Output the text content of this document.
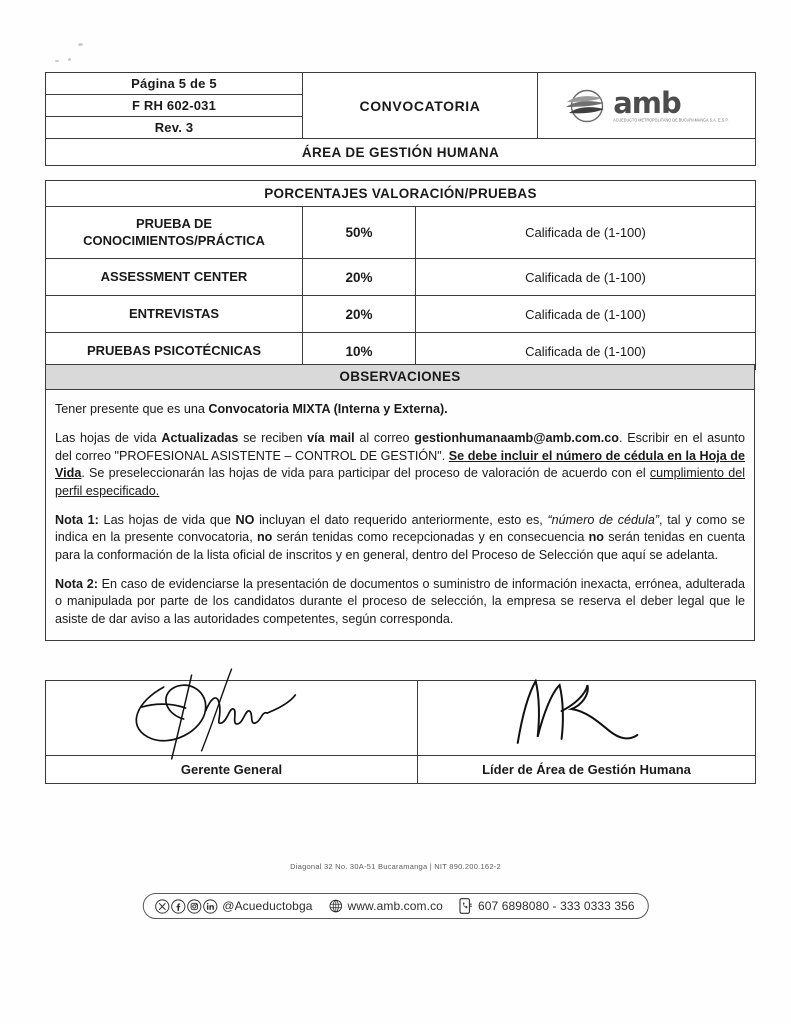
Página 5 de 5	CONVOCATORIA	amb
ACUEDUCTO METROPOLITANO DE BUCARAMANGA S.A. E.S.P.

F RH 602-031
Rev. 3
ÁREA DE GESTIÓN HUMANA
PORCENTAJES VALORACIÓN/PRUEBAS		
PRUEBA DE CONOCIMIENTOS/PRÁCTICA	50%	Calificada de (1-100)
ASSESSMENT CENTER	20%	Calificada de (1-100)
ENTREVISTAS	20%	Calificada de (1-100)
PRUEBAS PSICOTÉCNICAS	10%	Calificada de (1-100)
OBSERVACIONES

Tener presente que es una Convocatoria MIXTA (Interna y Externa).

Las hojas de vida Actualizadas se reciben vía mail al correo gestionhumanaamb@amb.com.co. Escribir en el asunto del correo "PROFESIONAL ASISTENTE – CONTROL DE GESTIÓN". Se debe incluir el número de cédula en la Hoja de Vida. Se preseleccionarán las hojas de vida para participar del proceso de valoración de acuerdo con el cumplimiento del perfil especificado.

Nota 1: Las hojas de vida que NO incluyan el dato requerido anteriormente, esto es, “número de cédula”, tal y como se indica en la presente convocatoria, no serán tenidas como recepcionadas y en consecuencia no serán tenidas en cuenta para la conformación de la lista oficial de inscritos y en general, dentro del Proceso de Selección que aquí se adelanta.

Nota 2: En caso de evidenciarse la presentación de documentos o suministro de información inexacta, errónea, adulterada o manipulada por parte de los candidatos durante el proceso de selección, la empresa se reserva el deber legal que le asiste de dar aviso a las autoridades competentes, según corresponda.

Gerente General	Líder de Área de Gestión Humana
Diagonal 32 No. 30A-51 Bucaramanga | NIT 890.200.162-2
@Acueductobga	www.amb.com.co	607 6898080 - 333 0333 356
